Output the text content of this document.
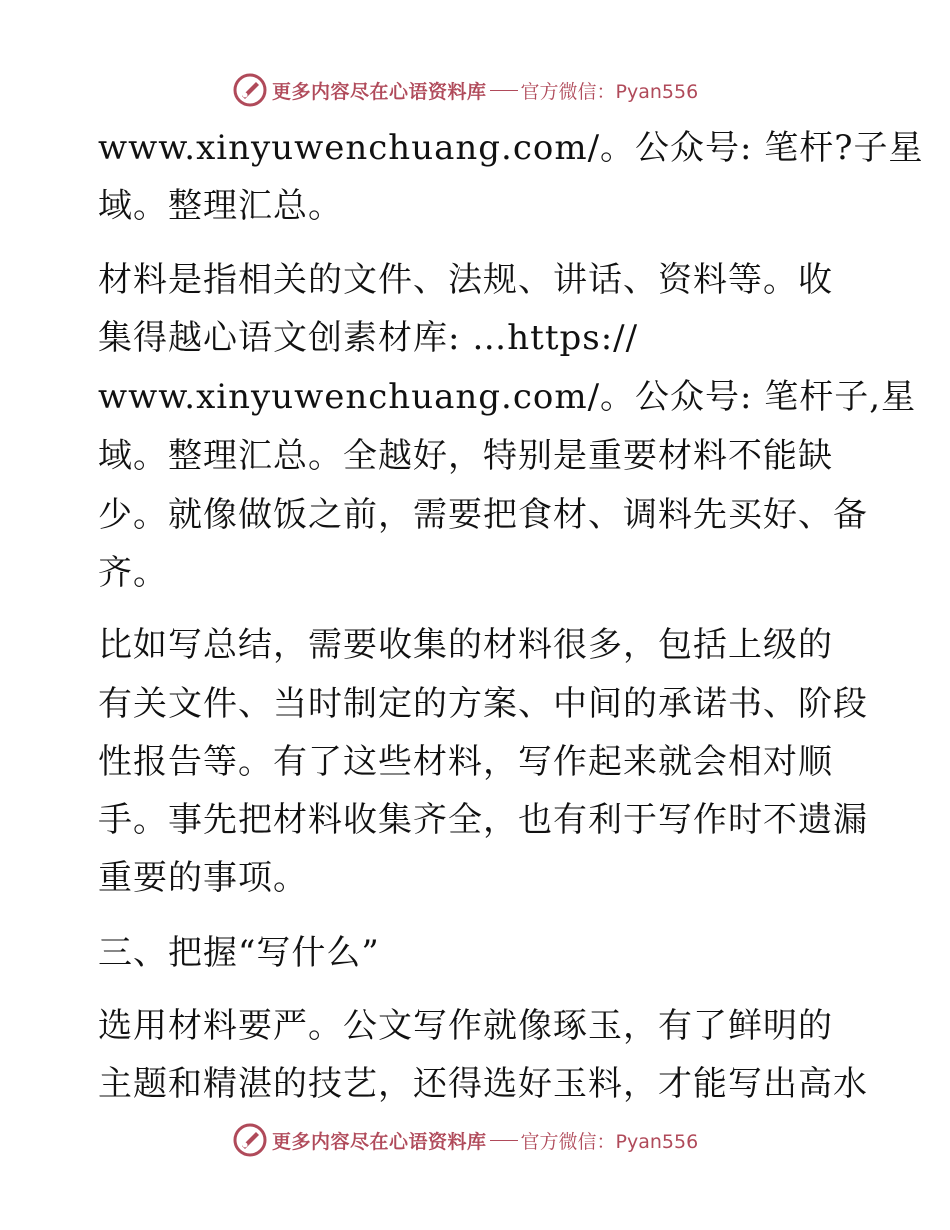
更多内容尽在心语资料库 官方微信：Pyan556
www.xinyuwenchuang.com/。公众号: 笔杆?子星
域。整理汇总。
材料是指相关的文件、法规、讲话、资料等。收
集得越心语文创素材库: …https://
www.xinyuwenchuang.com/。公众号: 笔杆子,星
域。整理汇总。全越好，特别是重要材料不能缺
少。就像做饭之前，需要把食材、调料先买好、备
齐。
比如写总结，需要收集的材料很多，包括上级的
有关文件、当时制定的方案、中间的承诺书、阶段
性报告等。有了这些材料，写作起来就会相对顺
手。事先把材料收集齐全，也有利于写作时不遗漏
重要的事项。
三、把握“写什么”
选用材料要严。公文写作就像琢玉，有了鲜明的
主题和精湛的技艺，还得选好玉料，才能写出高水
更多内容尽在心语资料库 官方微信：Pyan556
